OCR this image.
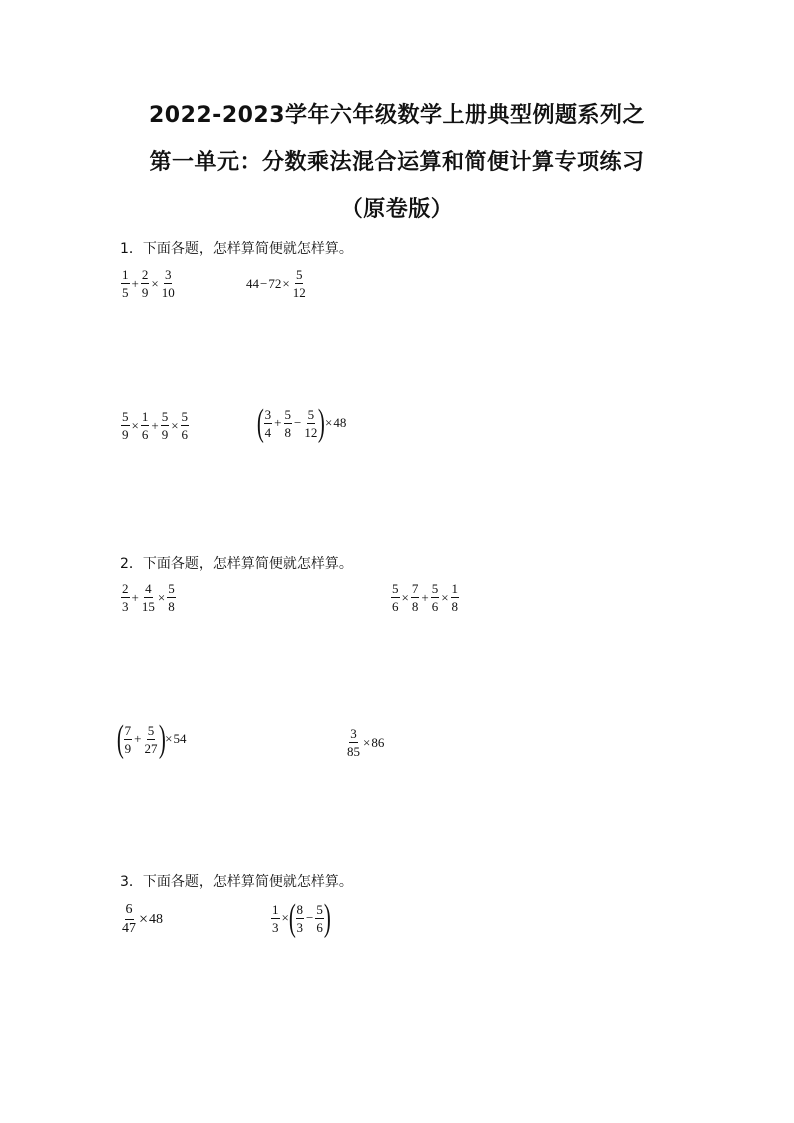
2022-2023学年六年级数学上册典型例题系列之
第一单元：分数乘法混合运算和简便计算专项练习
（原卷版）
1．下面各题，怎样算简便就怎样算。
$\frac{1}{5} + \frac{2}{9} \times \frac{3}{10}$	$44 - 72 \times \frac{5}{12}$
$\frac{5}{9} \times \frac{1}{6} + \frac{5}{9} \times \frac{5}{6}$ ( $\frac{3}{4} + \frac{5}{8} - \frac{5}{12}$ ) × 48
2．下面各题，怎样算简便就怎样算。
$\frac{2}{3} + \frac{4}{15} \times \frac{5}{8}$	$\frac{5}{6} \times \frac{7}{8} + \frac{5}{6} \times \frac{1}{8}$
( $\frac{7}{9} + \frac{5}{27}$ ) × 54	$\frac{3}{85} \times 86$
3．下面各题，怎样算简便就怎样算。
$\frac{6}{47} \times 48$	$\frac{1}{3}$ × ( $\frac{8}{3} - \frac{5}{6}$ )
